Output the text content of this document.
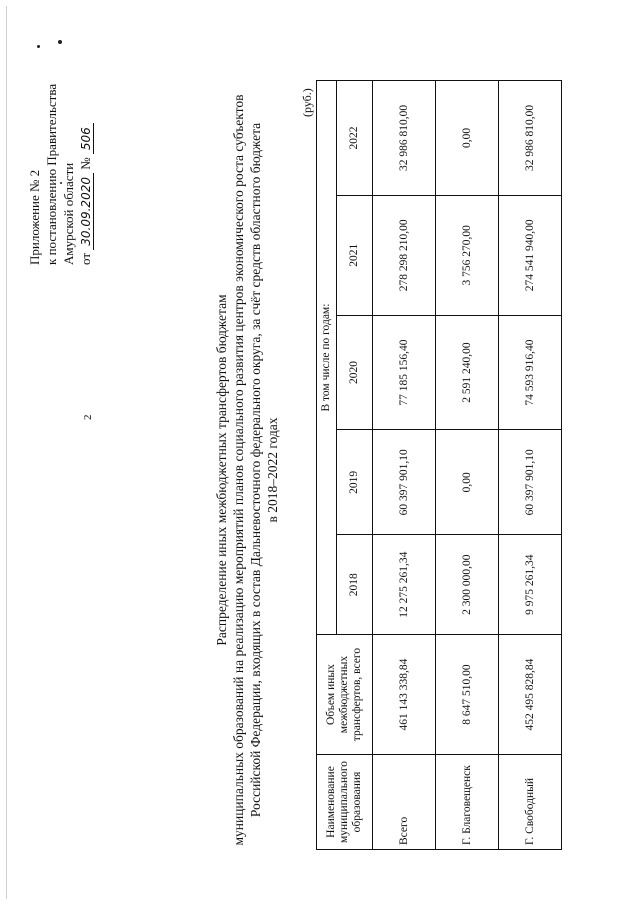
2
Приложение № 2 к постановлению Правительства Амурской области от 30.09.2020 № 506
Распределение иных межбюджетных трансфертов бюджетам муниципальных образований на реализацию мероприятий планов социального развития центров экономического роста субъектов Российской Федерации, входящих в состав Дальневосточного федерального округа, за счёт средств областного бюджета в 2018–2022 годах
(руб.)
Наименование муниципального образования	Объем иных межбюджетных трансфертов, всего	В том числе по годам:				
		2018	2019	2020	2021	2022
Всего	461 143 338,84	12 275 261,34	60 397 901,10	77 185 156,40	278 298 210,00	32 986 810,00
Г. Благовещенск	8 647 510,00	2 300 000,00	0,00	2 591 240,00	3 756 270,00	0,00
Г. Свободный	452 495 828,84	9 975 261,34	60 397 901,10	74 593 916,40	274 541 940,00	32 986 810,00
